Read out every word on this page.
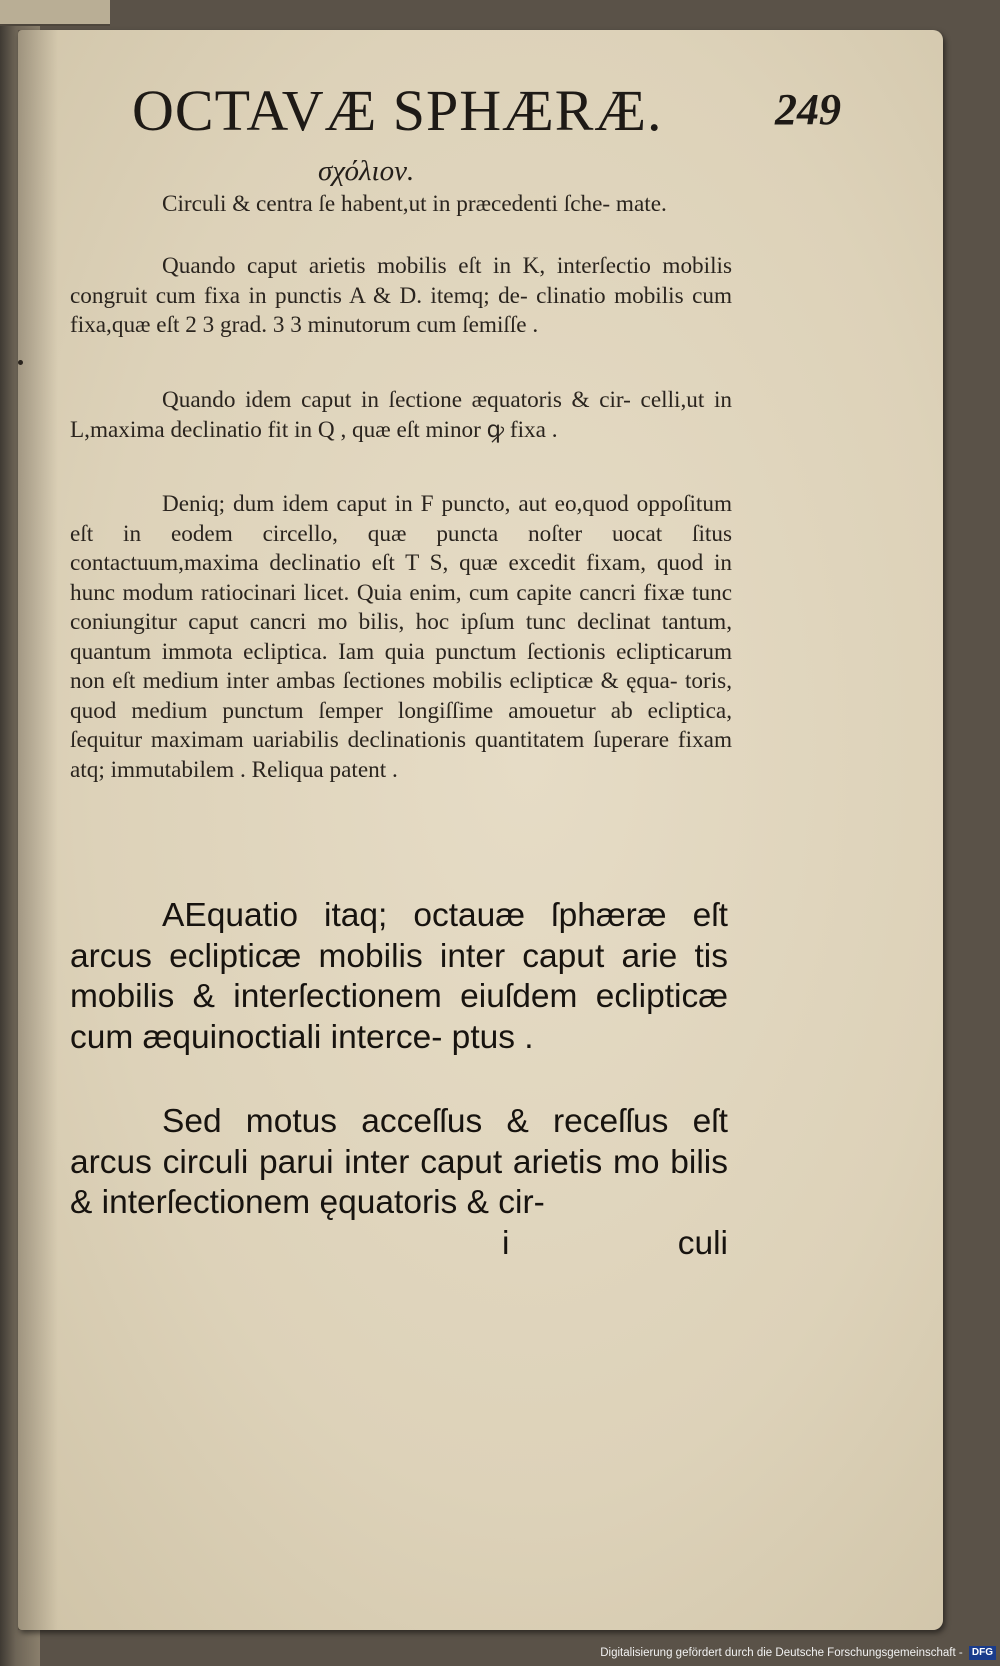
OCTAVÆ SPHÆRÆ.	249
σχόλιον.

Circuli & centra ſe habent,ut in præcedenti ſche- mate.

Quando caput arietis mobilis eſt in K, interſectio mobilis congruit cum fixa in punctis A & D. itemq; de- clinatio mobilis cum fixa,quæ eſt 2 3 grad. 3 3 minutorum cum ſemiſſe .

Quando idem caput in ſectione æquatoris & cir- celli,ut in L,maxima declinatio fit in Q , quæ eſt minor ꝙ fixa .

Deniq; dum idem caput in F puncto, aut eo,quod oppoſitum eſt in eodem circello, quæ puncta noſter uocat ſitus contactuum,maxima declinatio eſt T S, quæ excedit fixam, quod in hunc modum ratiocinari licet. Quia enim, cum capite cancri fixæ tunc coniungitur caput cancri mo bilis, hoc ipſum tunc declinat tantum, quantum immota ecliptica. Iam quia punctum ſectionis eclipticarum non eſt medium inter ambas ſectiones mobilis eclipticæ & ęqua- toris, quod medium punctum ſemper longiſſime amouetur ab ecliptica, ſequitur maximam uariabilis declinationis quantitatem ſuperare fixam atq; immutabilem . Reliqua patent .

AEquatio itaq; octauæ ſphæræ eſt arcus eclipticæ mobilis inter caput arie tis mobilis & interſectionem eiuſdem eclipticæ cum æquinoctiali interce- ptus .

Sed motus acceſſus & receſſus eſt arcus circuli parui inter caput arietis mo bilis & interſectionem ęquatoris & cir-

i	culi
Digitalisierung gefördert durch die Deutsche Forschungsgemeinschaft - DFG
